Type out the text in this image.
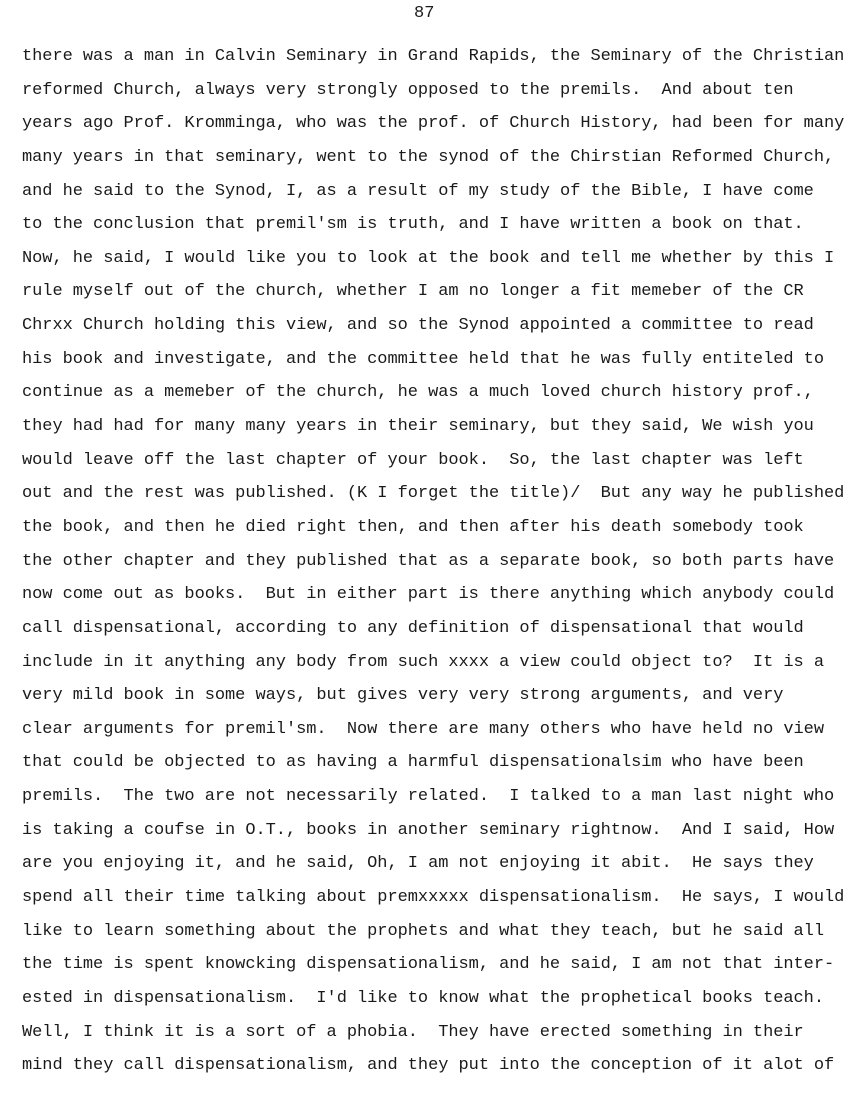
87
there was a man in Calvin Seminary in Grand Rapids, the Seminary of the Christian
reformed Church, always very strongly opposed to the premils.  And about ten
years ago Prof. Kromminga, who was the prof. of Church History, had been for many
many years in that seminary, went to the synod of the Chirstian Reformed Church,
and he said to the Synod, I, as a result of my study of the Bible, I have come
to the conclusion that premil'sm is truth, and I have written a book on that.
Now, he said, I would like you to look at the book and tell me whether by this I
rule myself out of the church, whether I am no longer a fit memeber of the CR
Chrxx Church holding this view, and so the Synod appointed a committee to read
his book and investigate, and the committee held that he was fully entiteled to
continue as a memeber of the church, he was a much loved church history prof.,
they had had for many many years in their seminary, but they said, We wish you
would leave off the last chapter of your book.  So, the last chapter was left
out and the rest was published. (K I forget the title)/  But any way he published
the book, and then he died right then, and then after his death somebody took
the other chapter and they published that as a separate book, so both parts have
now come out as books.  But in either part is there anything which anybody could
call dispensational, according to any definition of dispensational that would
include in it anything any body from such xxxx a view could object to?  It is a
very mild book in some ways, but gives very very strong arguments, and very
clear arguments for premil'sm.  Now there are many others who have held no view
that could be objected to as having a harmful dispensationalsim who have been
premils.  The two are not necessarily related.  I talked to a man last night who
is taking a coufse in O.T., books in another seminary rightnow.  And I said, How
are you enjoying it, and he said, Oh, I am not enjoying it abit.  He says they
spend all their time talking about premxxxxx dispensationalism.  He says, I would
like to learn something about the prophets and what they teach, but he said all
the time is spent knowcking dispensationalism, and he said, I am not that inter-
ested in dispensationalism.  I'd like to know what the prophetical books teach.
Well, I think it is a sort of a phobia.  They have erected something in their
mind they call dispensationalism, and they put into the conception of it alot of
